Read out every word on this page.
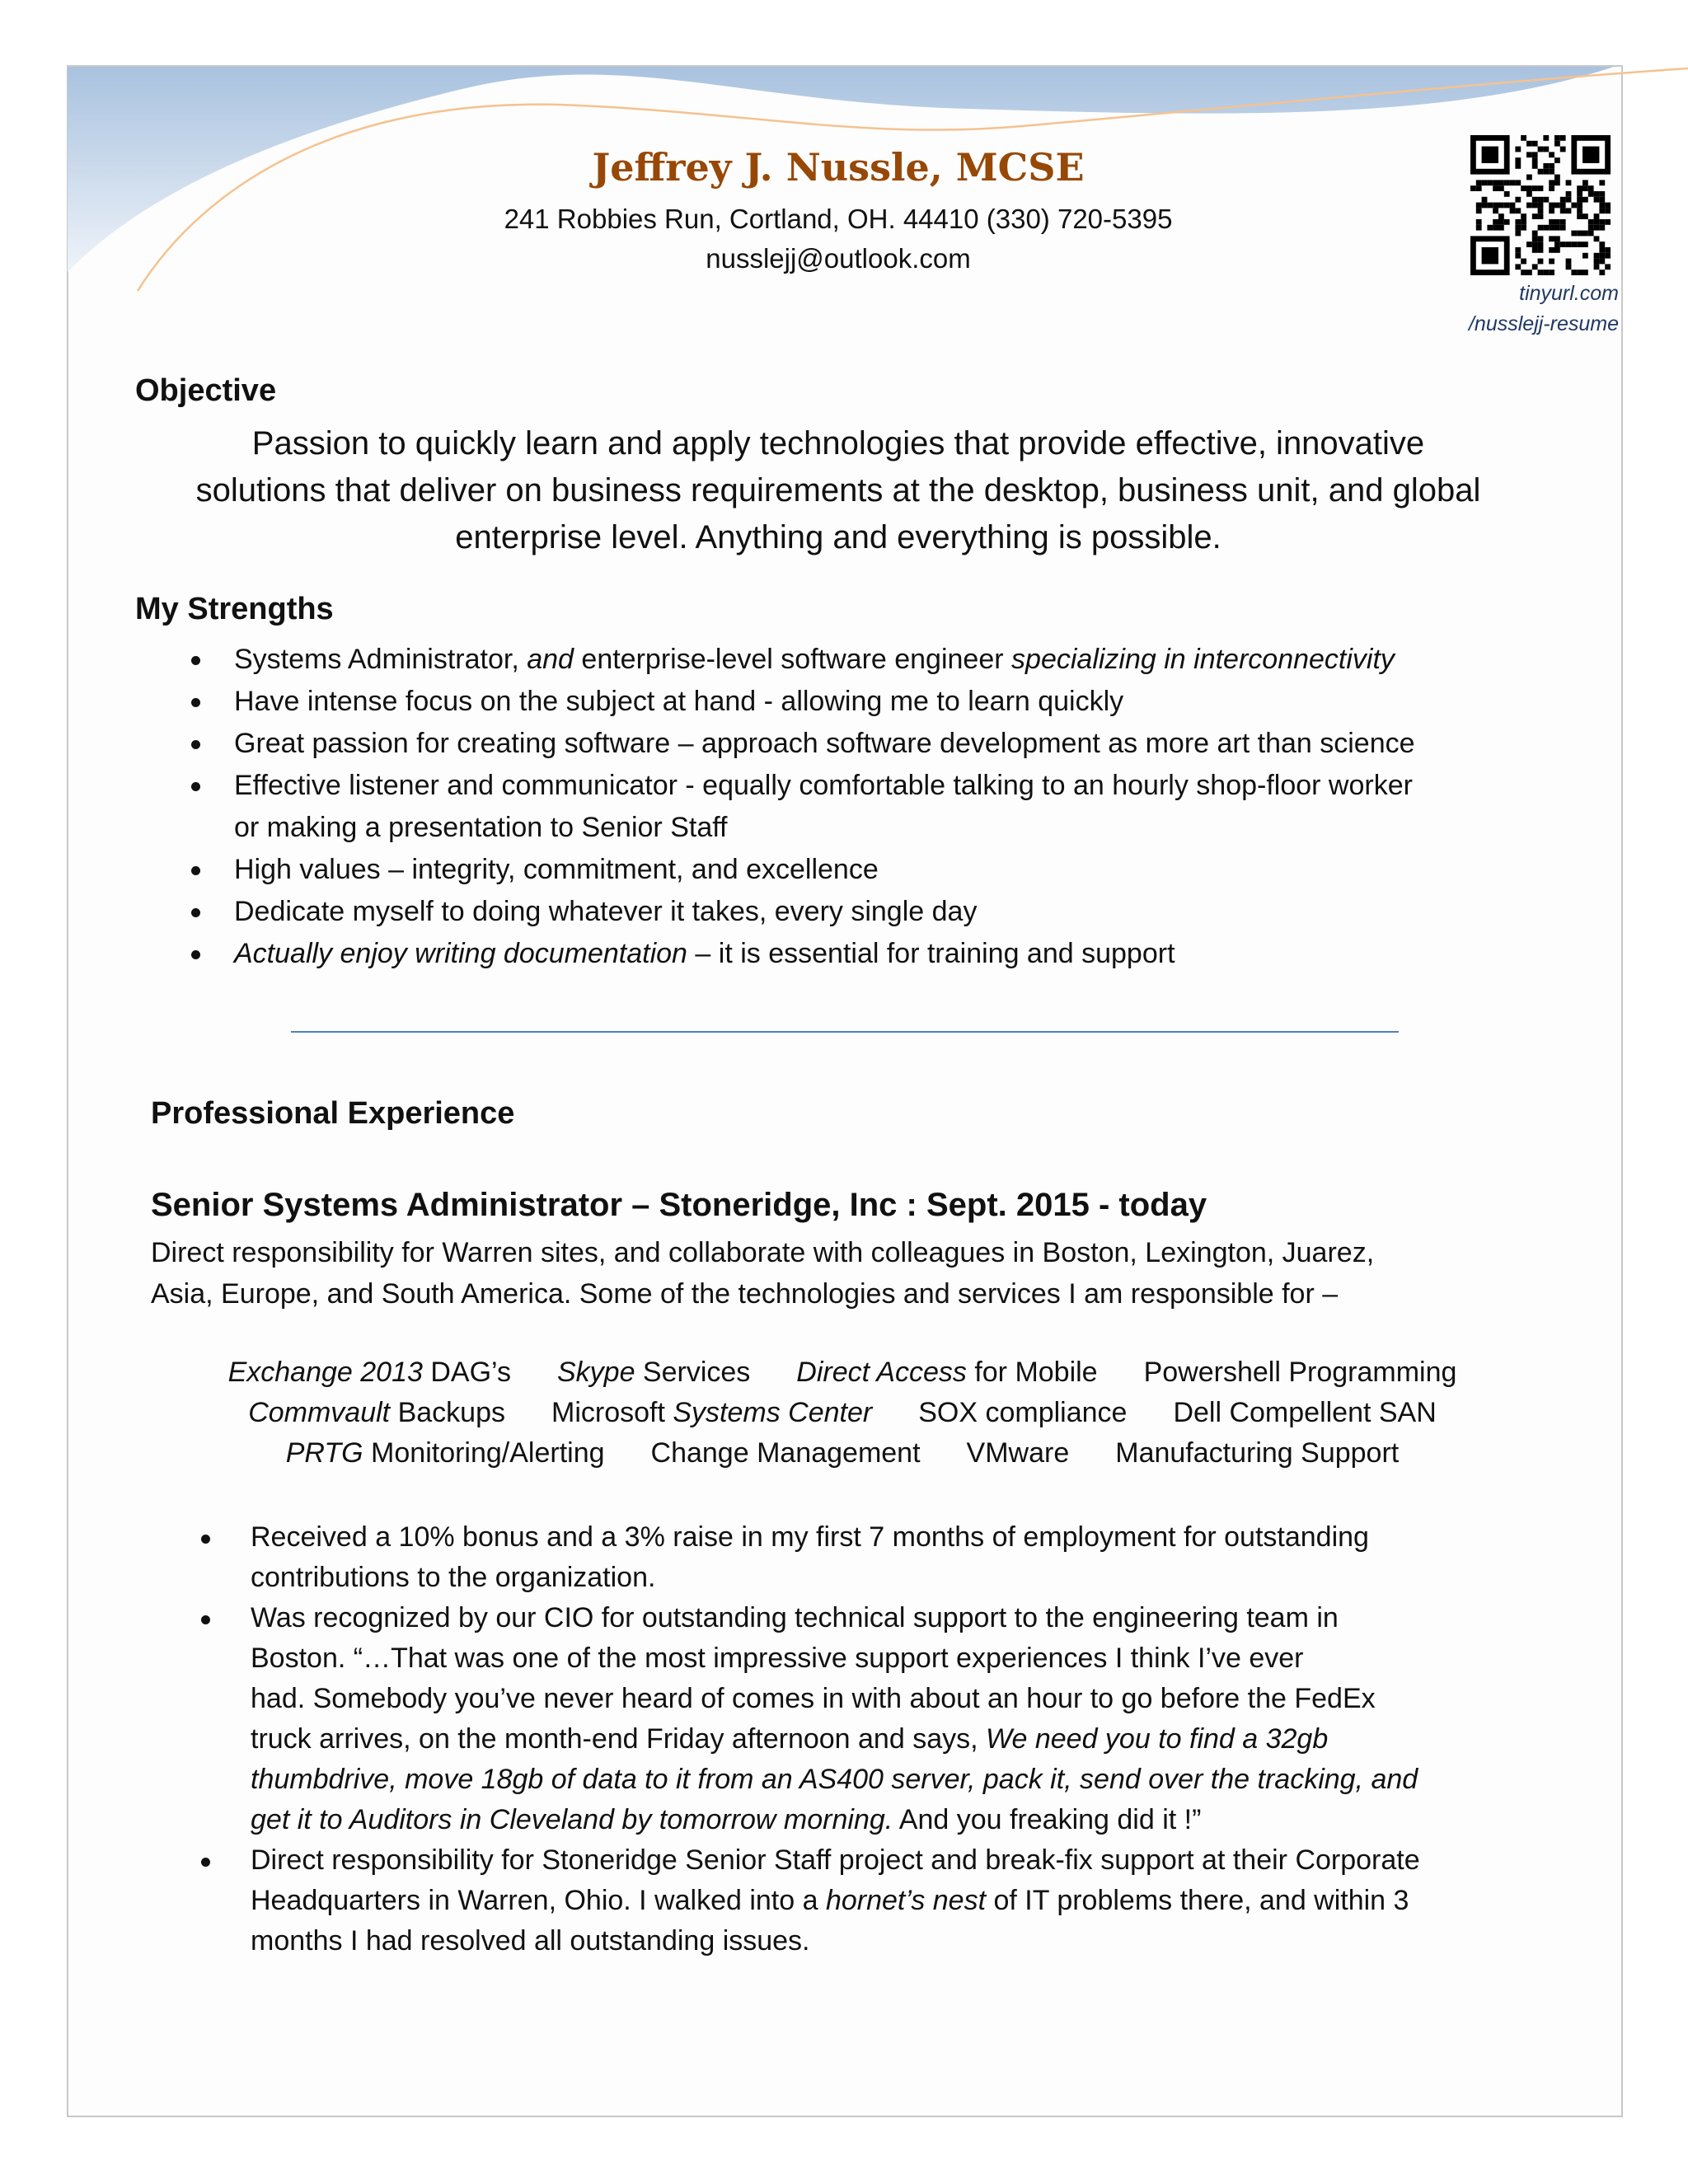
Jeffrey J. Nussle, MCSE
241 Robbies Run, Cortland, OH. 44410 (330) 720-5395
nusslejj@outlook.com
tinyurl.com
/nusslejj-resume
Objective
Passion to quickly learn and apply technologies that provide effective, innovative
solutions that deliver on business requirements at the desktop, business unit, and global
enterprise level. Anything and everything is possible.
My Strengths
Systems Administrator, and enterprise-level software engineer specializing in interconnectivity
Have intense focus on the subject at hand - allowing me to learn quickly
Great passion for creating software – approach software development as more art than science
Effective listener and communicator - equally comfortable talking to an hourly shop-floor worker
or making a presentation to Senior Staff
High values – integrity, commitment, and excellence
Dedicate myself to doing whatever it takes, every single day
Actually enjoy writing documentation – it is essential for training and support
Professional Experience
Senior Systems Administrator – Stoneridge, Inc : Sept. 2015 - today
Direct responsibility for Warren sites, and collaborate with colleagues in Boston, Lexington, Juarez,
Asia, Europe, and South America. Some of the technologies and services I am responsible for –
Exchange 2013 DAG’s Skype Services Direct Access for Mobile Powershell Programming
Commvault Backups Microsoft Systems Center SOX compliance Dell Compellent SAN
PRTG Monitoring/Alerting Change Management VMware Manufacturing Support
Received a 10% bonus and a 3% raise in my first 7 months of employment for outstanding
contributions to the organization.
Was recognized by our CIO for outstanding technical support to the engineering team in
Boston. “…That was one of the most impressive support experiences I think I’ve ever
had. Somebody you’ve never heard of comes in with about an hour to go before the FedEx
truck arrives, on the month-end Friday afternoon and says, We need you to find a 32gb
thumbdrive, move 18gb of data to it from an AS400 server, pack it, send over the tracking, and
get it to Auditors in Cleveland by tomorrow morning. And you freaking did it !”
Direct responsibility for Stoneridge Senior Staff project and break-fix support at their Corporate
Headquarters in Warren, Ohio. I walked into a hornet’s nest of IT problems there, and within 3
months I had resolved all outstanding issues.
